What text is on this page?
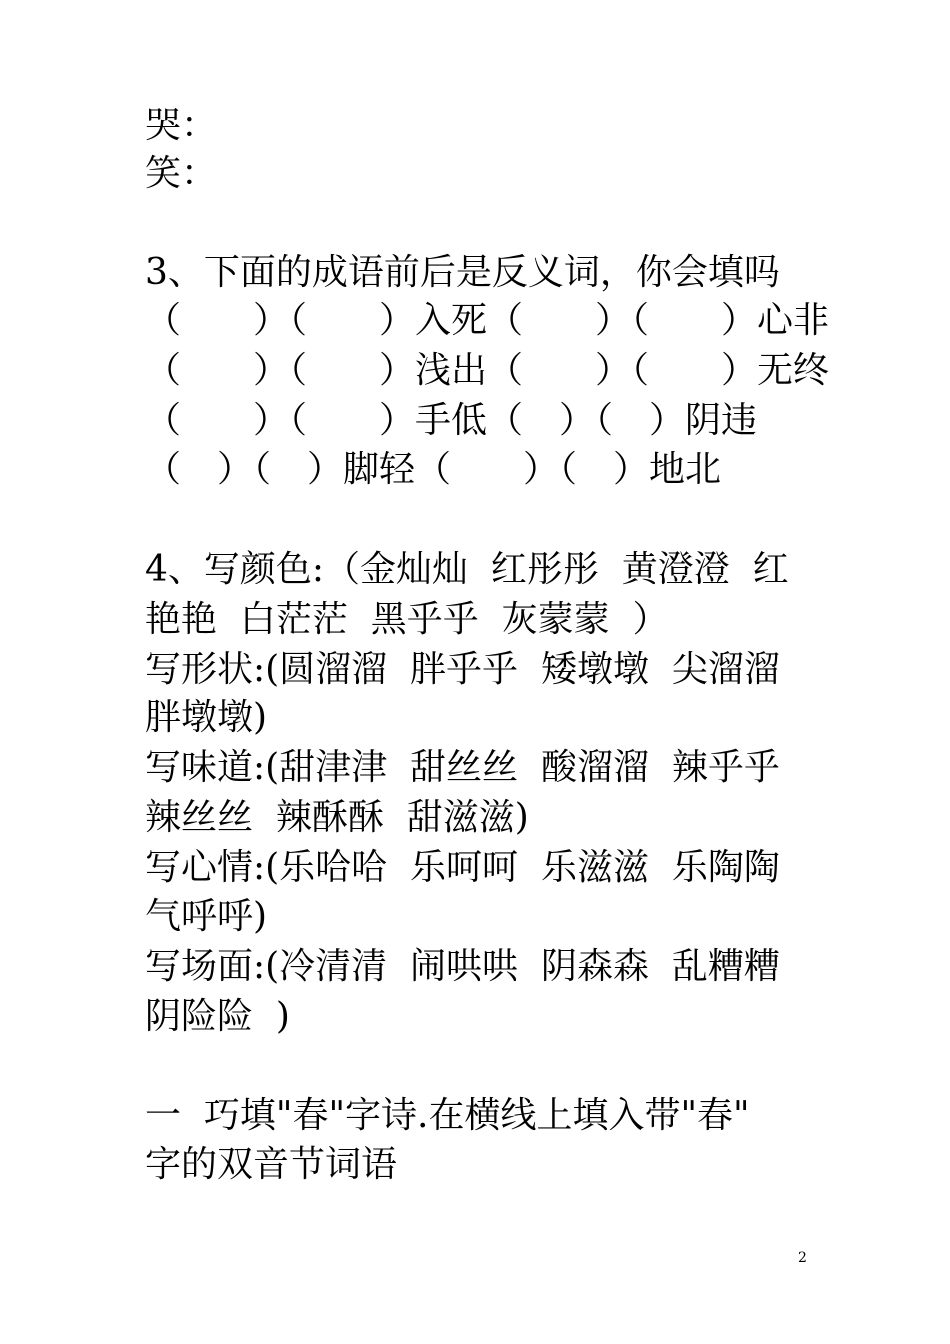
哭：
笑：
3、下面的成语前后是反义词，你会填吗
（　　）（　　）入死（　　）（　　）心非
（　　）（　　）浅出（　　）（　　）无终
（　　）（　　）手低（　）（　）阴违
（　）（　）脚轻（　　）（　）地北
4、写颜色:（金灿灿  红彤彤  黄澄澄  红
艳艳  白茫茫  黑乎乎  灰蒙蒙  ）
写形状:(圆溜溜  胖乎乎  矮墩墩  尖溜溜
胖墩墩)
写味道:(甜津津  甜丝丝  酸溜溜  辣乎乎
辣丝丝  辣酥酥  甜滋滋)
写心情:(乐哈哈  乐呵呵  乐滋滋  乐陶陶
气呼呼)
写场面:(冷清清  闹哄哄  阴森森  乱糟糟
阴险险  )
一  巧填"春"字诗.在横线上填入带"春"
字的双音节词语
2
